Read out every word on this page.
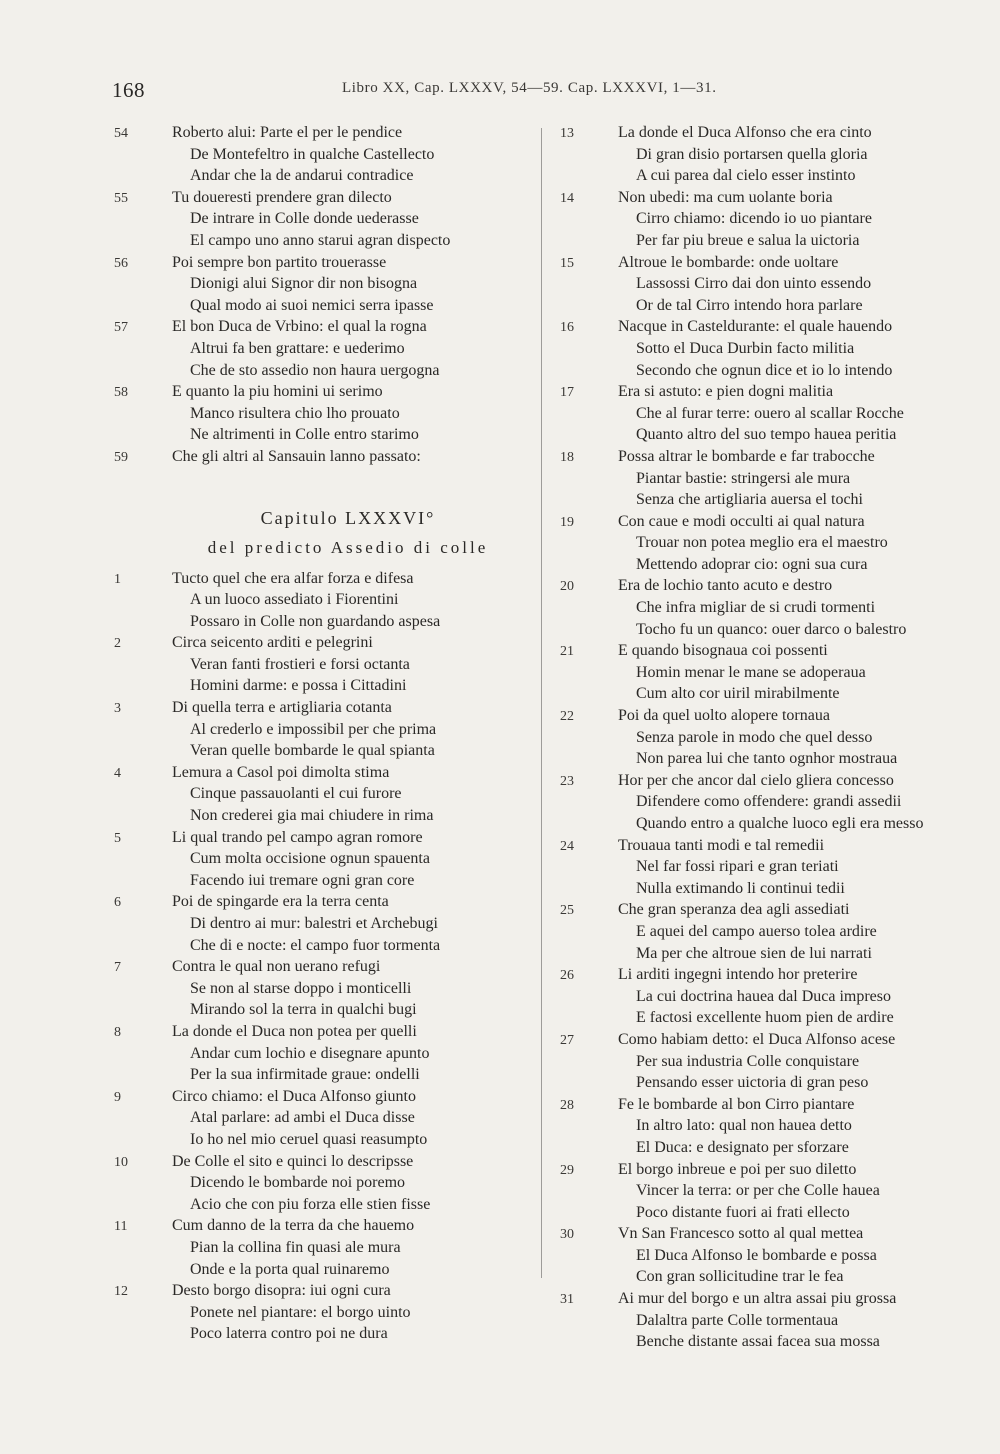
168	Libro XX, Cap. LXXXV, 54—59. Cap. LXXXVI, 1—31.
54	Roberto alui: Parte el per le pendice
De Montefeltro in qualche Castellecto
Andar che la de andarui contradice
55	Tu doueresti prendere gran dilecto
De intrare in Colle donde uederasse
El campo uno anno starui agran dispecto
56	Poi sempre bon partito trouerasse
Dionigi alui Signor dir non bisogna
Qual modo ai suoi nemici serra ipasse
57	El bon Duca de Vrbino: el qual la rogna
Altrui fa ben grattare: e uederimo
Che de sto assedio non haura uergogna
58	E quanto la piu homini ui serimo
Manco risultera chio lho prouato
Ne altrimenti in Colle entro starimo
59	Che gli altri al Sansauin lanno passato:
Capitulo LXXXVI°
del predicto Assedio di colle
1	Tucto quel che era alfar forza e difesa
A un luoco assediato i Fiorentini
Possaro in Colle non guardando aspesa
2	Circa seicento arditi e pelegrini
Veran fanti frostieri e forsi octanta
Homini darme: e possa i Cittadini
3	Di quella terra e artigliaria cotanta
Al crederlo e impossibil per che prima
Veran quelle bombarde le qual spianta
4	Lemura a Casol poi dimolta stima
Cinque passauolanti el cui furore
Non crederei gia mai chiudere in rima
5	Li qual trando pel campo agran romore
Cum molta occisione ognun spauenta
Facendo iui tremare ogni gran core
6	Poi de spingarde era la terra centa
Di dentro ai mur: balestri et Archebugi
Che di e nocte: el campo fuor tormenta
7	Contra le qual non uerano refugi
Se non al starse doppo i monticelli
Mirando sol la terra in qualchi bugi
8	La donde el Duca non potea per quelli
Andar cum lochio e disegnare apunto
Per la sua infirmitade graue: ondelli
9	Circo chiamo: el Duca Alfonso giunto
Atal parlare: ad ambi el Duca disse
Io ho nel mio ceruel quasi reasumpto
10	De Colle el sito e quinci lo descripsse
Dicendo le bombarde noi poremo
Acio che con piu forza elle stien fisse
11	Cum danno de la terra da che hauemo
Pian la collina fin quasi ale mura
Onde e la porta qual ruinaremo
12	Desto borgo disopra: iui ogni cura
Ponete nel piantare: el borgo uinto
Poco laterra contro poi ne dura
13	La donde el Duca Alfonso che era cinto
Di gran disio portarsen quella gloria
A cui parea dal cielo esser instinto
14	Non ubedi: ma cum uolante boria
Cirro chiamo: dicendo io uo piantare
Per far piu breue e salua la uictoria
15	Altroue le bombarde: onde uoltare
Lassossi Cirro dai don uinto essendo
Or de tal Cirro intendo hora parlare
16	Nacque in Casteldurante: el quale hauendo
Sotto el Duca Durbin facto militia
Secondo che ognun dice et io lo intendo
17	Era si astuto: e pien dogni malitia
Che al furar terre: ouero al scallar Rocche
Quanto altro del suo tempo hauea peritia
18	Possa altrar le bombarde e far trabocche
Piantar bastie: stringersi ale mura
Senza che artigliaria auersa el tochi
19	Con caue e modi occulti ai qual natura
Trouar non potea meglio era el maestro
Mettendo adoprar cio: ogni sua cura
20	Era de lochio tanto acuto e destro
Che infra migliar de si crudi tormenti
Tocho fu un quanco: ouer darco o balestro
21	E quando bisognaua coi possenti
Homin menar le mane se adoperaua
Cum alto cor uiril mirabilmente
22	Poi da quel uolto alopere tornaua
Senza parole in modo che quel desso
Non parea lui che tanto ognhor mostraua
23	Hor per che ancor dal cielo gliera concesso
Difendere como offendere: grandi assedii
Quando entro a qualche luoco egli era messo
24	Trouaua tanti modi e tal remedii
Nel far fossi ripari e gran teriati
Nulla extimando li continui tedii
25	Che gran speranza dea agli assediati
E aquei del campo auerso tolea ardire
Ma per che altroue sien de lui narrati
26	Li arditi ingegni intendo hor preterire
La cui doctrina hauea dal Duca impreso
E factosi excellente huom pien de ardire
27	Como habiam detto: el Duca Alfonso acese
Per sua industria Colle conquistare
Pensando esser uictoria di gran peso
28	Fe le bombarde al bon Cirro piantare
In altro lato: qual non hauea detto
El Duca: e designato per sforzare
29	El borgo inbreue e poi per suo diletto
Vincer la terra: or per che Colle hauea
Poco distante fuori ai frati ellecto
30	Vn San Francesco sotto al qual mettea
El Duca Alfonso le bombarde e possa
Con gran sollicitudine trar le fea
31	Ai mur del borgo e un altra assai piu grossa
Dalaltra parte Colle tormentaua
Benche distante assai facea sua mossa
